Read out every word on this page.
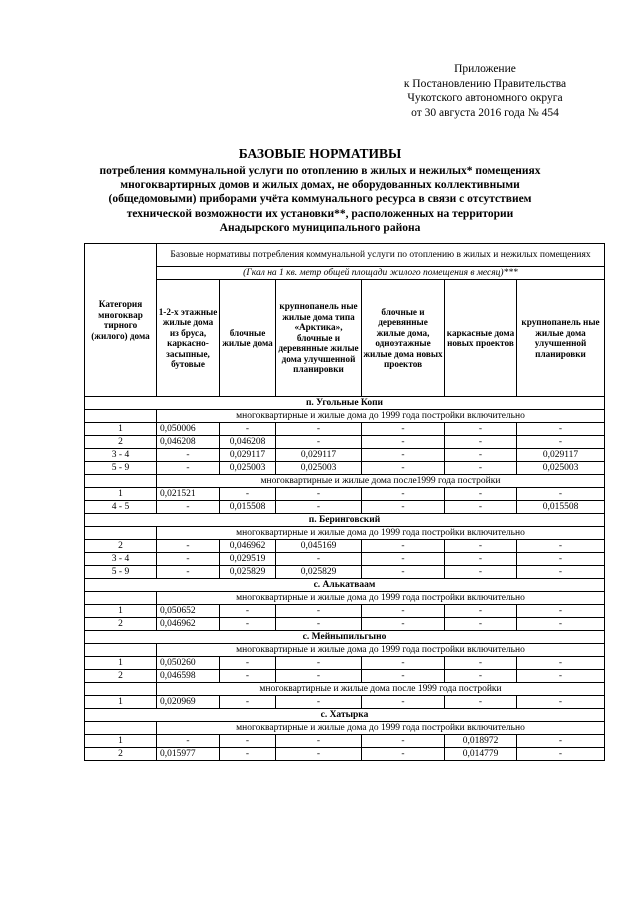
Приложение
к Постановлению Правительства
Чукотского автономного округа
от 30 августа 2016 года № 454
БАЗОВЫЕ НОРМАТИВЫ
потребления коммунальной услуги по отоплению в жилых и нежилых* помещениях
многоквартирных домов и жилых домах, не оборудованных коллективными
(общедомовыми) приборами учёта коммунального ресурса в связи с отсутствием
технической возможности их установки**, расположенных на территории
Анадырского муниципального района
Категория многоквар тирного (жилого) дома	Базовые нормативы потребления коммунальной услуги по отоплению в жилых и нежилых помещениях					
	(Гкал на 1 кв. метр общей площади жилого помещения в месяц)***					
	1-2-х этажные жилые дома из бруса, каркасно-засыпные, бутовые	блочные жилые дома	крупнопанель ные жилые дома типа «Арктика», блочные и деревянные жилые дома улучшенной планировки	блочные и деревянные жилые дома, одноэтажные жилые дома новых проектов	каркасные дома новых проектов	крупнопанель ные жилые дома улучшенной планировки
п. Угольные Копи						
	многоквартирные и жилые дома до 1999 года постройки включительно					
1	0,050006	-	-	-	-	-
2	0,046208	0,046208	-	-	-	-
3 - 4	-	0,029117	0,029117	-	-	0,029117
5 - 9	-	0,025003	0,025003	-	-	0,025003
	многоквартирные и жилые дома после1999 года постройки					
1	0,021521	-	-	-	-	-
4 - 5	-	0,015508	-	-	-	0,015508
п. Беринговский						
	многоквартирные и жилые дома до 1999 года постройки включительно					
2	-	0,046962	0,045169	-	-	-
3 - 4	-	0,029519	-	-	-	-
5 - 9	-	0,025829	0,025829	-	-	-
с. Алькатваам						
	многоквартирные и жилые дома до 1999 года постройки включительно					
1	0,050652	-	-	-	-	-
2	0,046962	-	-	-	-	-
с. Мейныпильгыно						
	многоквартирные и жилые дома до 1999 года постройки включительно					
1	0,050260	-	-	-	-	-
2	0,046598	-	-	-	-	-
	многоквартирные и жилые дома после 1999 года постройки					
1	0,020969	-	-	-	-	-
с. Хатырка						
	многоквартирные и жилые дома до 1999 года постройки включительно					
1	-	-	-	-	0,018972	-
2	0,015977	-	-	-	0,014779	-
